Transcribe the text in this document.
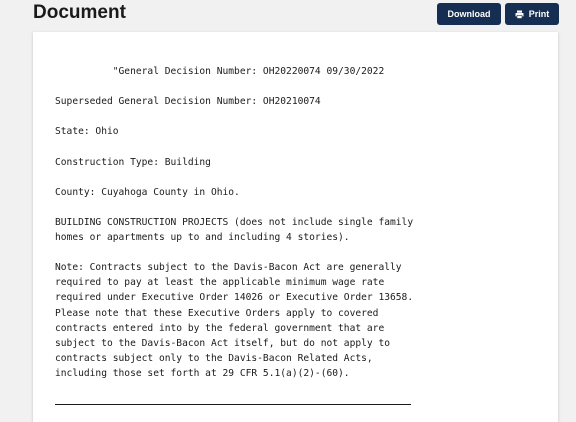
Document	Download	Print
"General Decision Number: OH20220074 09/30/2022

Superseded General Decision Number: OH20210074

State: Ohio

Construction Type: Building

County: Cuyahoga County in Ohio.

BUILDING CONSTRUCTION PROJECTS (does not include single family
homes or apartments up to and including 4 stories).

Note: Contracts subject to the Davis-Bacon Act are generally
required to pay at least the applicable minimum wage rate
required under Executive Order 14026 or Executive Order 13658.
Please note that these Executive Orders apply to covered
contracts entered into by the federal government that are
subject to the Davis-Bacon Act itself, but do not apply to
contracts subject only to the Davis-Bacon Related Acts,
including those set forth at 29 CFR 5.1(a)(2)-(60).
